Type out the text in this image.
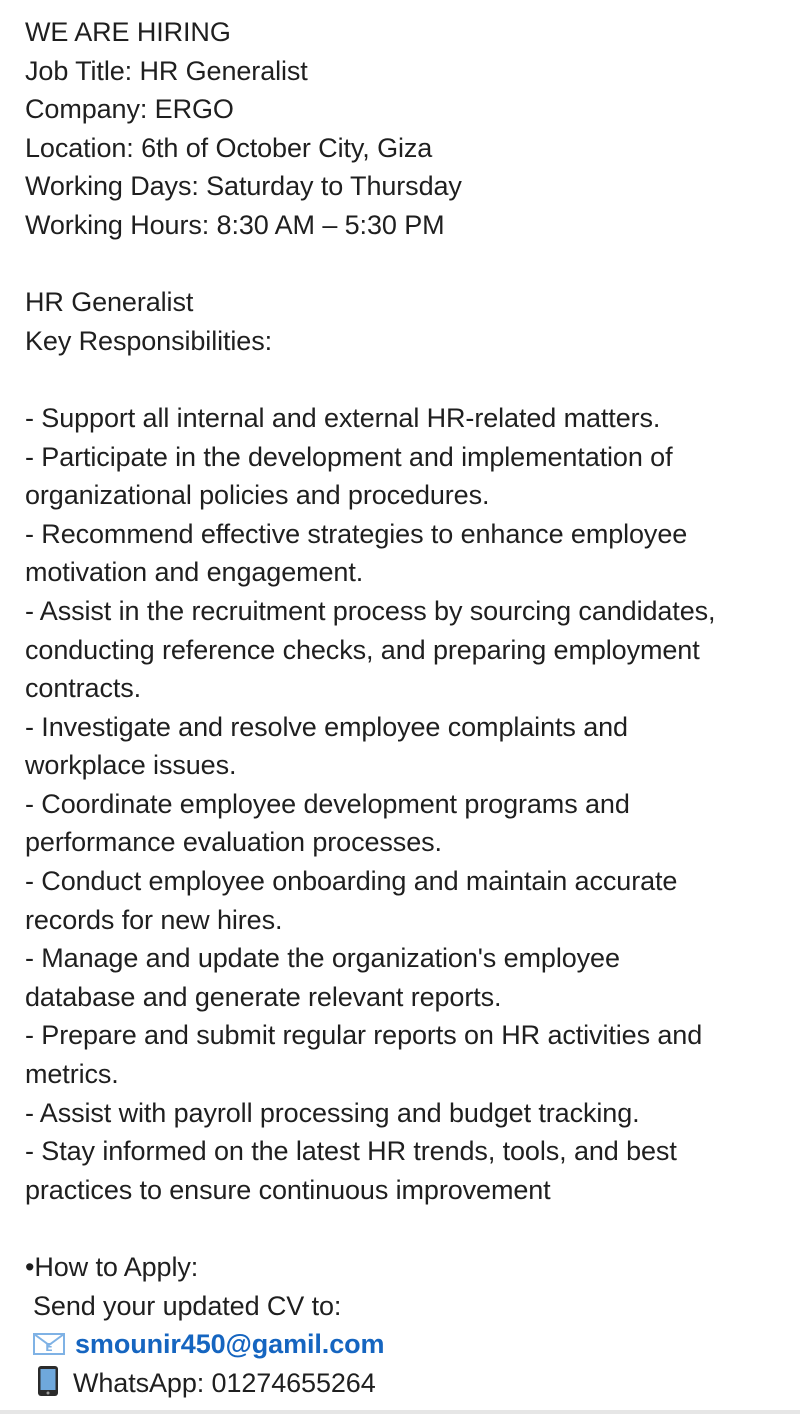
WE ARE HIRING
Job Title: HR Generalist
Company: ERGO
Location: 6th of October City, Giza
Working Days: Saturday to Thursday
Working Hours: 8:30 AM – 5:30 PM
HR Generalist
Key Responsibilities:
- Support all internal and external HR-related matters.
- Participate in the development and implementation of
organizational policies and procedures.
- Recommend effective strategies to enhance employee
motivation and engagement.
- Assist in the recruitment process by sourcing candidates,
conducting reference checks, and preparing employment
contracts.
- Investigate and resolve employee complaints and
workplace issues.
- Coordinate employee development programs and
performance evaluation processes.
- Conduct employee onboarding and maintain accurate
records for new hires.
- Manage and update the organization's employee
database and generate relevant reports.
- Prepare and submit regular reports on HR activities and
metrics.
- Assist with payroll processing and budget tracking.
- Stay informed on the latest HR trends, tools, and best
practices to ensure continuous improvement
•How to Apply:
Send your updated CV to:
E smounir450@gamil.com
WhatsApp: 01274655264
